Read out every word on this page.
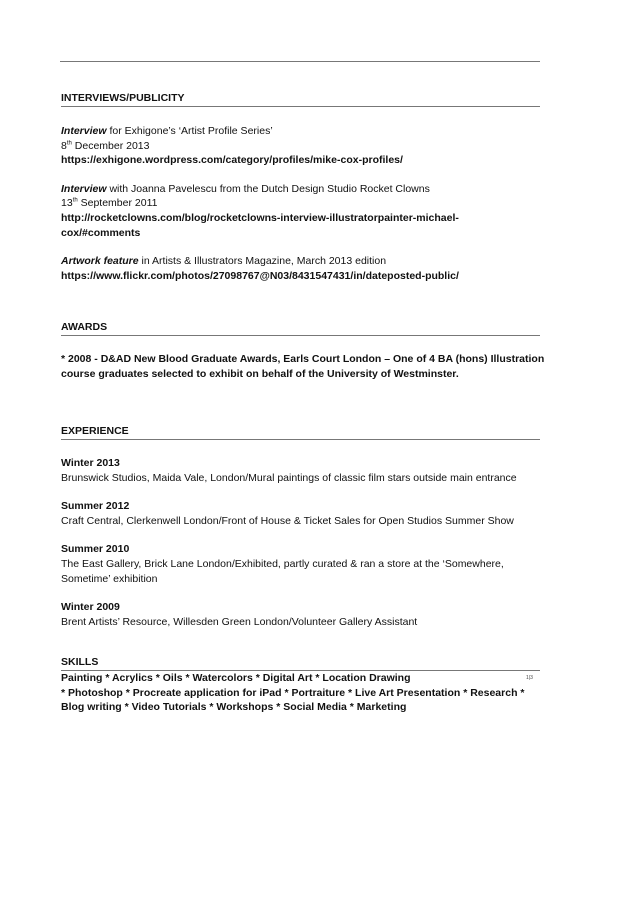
INTERVIEWS/PUBLICITY
Interview for Exhigone’s ‘Artist Profile Series’
8th December 2013
https://exhigone.wordpress.com/category/profiles/mike-cox-profiles/
Interview with Joanna Pavelescu from the Dutch Design Studio Rocket Clowns
13th September 2011
http://rocketclowns.com/blog/rocketclowns-interview-illustratorpainter-michael-
cox/#comments
Artwork feature in Artists & Illustrators Magazine, March 2013 edition
https://www.flickr.com/photos/27098767@N03/8431547431/in/dateposted-public/
AWARDS
* 2008 - D&AD New Blood Graduate Awards, Earls Court London – One of 4 BA (hons) Illustration
course graduates selected to exhibit on behalf of the University of Westminster.
EXPERIENCE
Winter 2013
Brunswick Studios, Maida Vale, London/Mural paintings of classic film stars outside main entrance
Summer 2012
Craft Central, Clerkenwell London/Front of House & Ticket Sales for Open Studios Summer Show
Summer 2010
The East Gallery, Brick Lane London/Exhibited, partly curated & ran a store at the ‘Somewhere,
Sometime’ exhibition
Winter 2009
Brent Artists’ Resource, Willesden Green London/Volunteer Gallery Assistant
SKILLS
Painting * Acrylics * Oils * Watercolors * Digital Art * Location Drawing	1|3
* Photoshop * Procreate application for iPad * Portraiture * Live Art Presentation * Research *
Blog writing * Video Tutorials * Workshops * Social Media * Marketing
